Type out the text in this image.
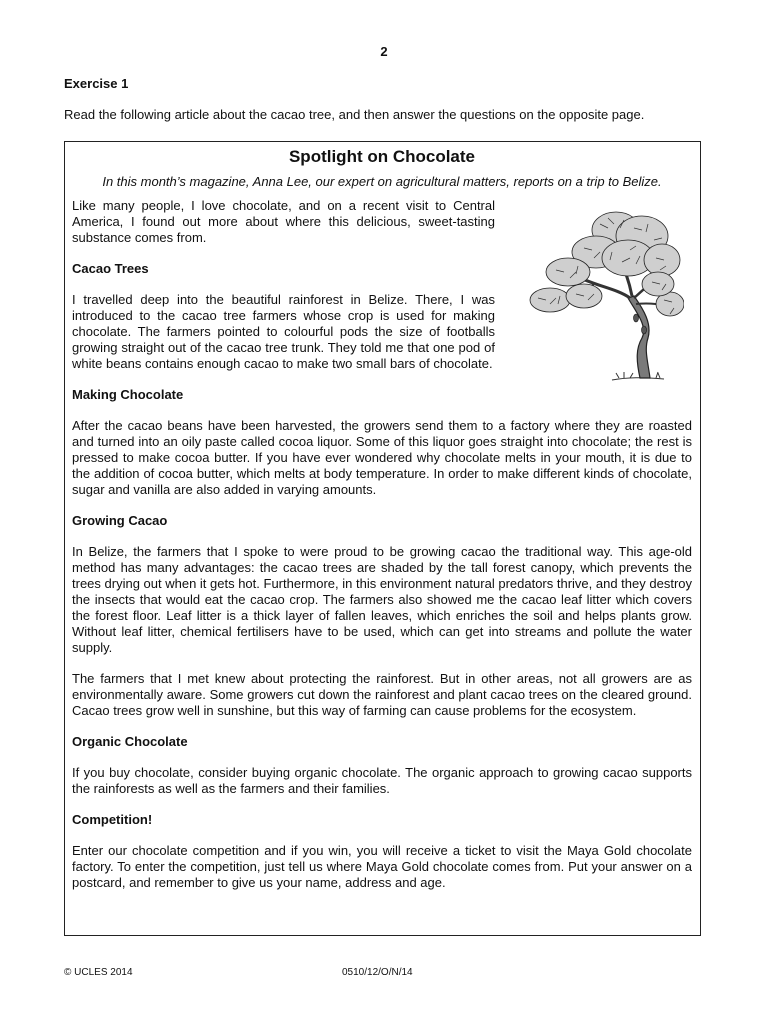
2
Exercise 1
Read the following article about the cacao tree, and then answer the questions on the opposite page.
Spotlight on Chocolate
In this month’s magazine, Anna Lee, our expert on agricultural matters, reports on a trip to Belize.

Like many people, I love chocolate, and on a recent visit to Central America, I found out more about where this delicious, sweet-tasting substance comes from.

Cacao Trees

I travelled deep into the beautiful rainforest in Belize. There, I was introduced to the cacao tree farmers whose crop is used for making chocolate. The farmers pointed to colourful pods the size of footballs growing straight out of the cacao tree trunk. They told me that one pod of white beans contains enough cacao to make two small bars of chocolate.

Making Chocolate

After the cacao beans have been harvested, the growers send them to a factory where they are roasted and turned into an oily paste called cocoa liquor. Some of this liquor goes straight into chocolate; the rest is pressed to make cocoa butter. If you have ever wondered why chocolate melts in your mouth, it is due to the addition of cocoa butter, which melts at body temperature. In order to make different kinds of chocolate, sugar and vanilla are also added in varying amounts.

Growing Cacao

In Belize, the farmers that I spoke to were proud to be growing cacao the traditional way. This age-old method has many advantages: the cacao trees are shaded by the tall forest canopy, which prevents the trees drying out when it gets hot. Furthermore, in this environment natural predators thrive, and they destroy the insects that would eat the cacao crop. The farmers also showed me the cacao leaf litter which covers the forest floor. Leaf litter is a thick layer of fallen leaves, which enriches the soil and helps plants grow. Without leaf litter, chemical fertilisers have to be used, which can get into streams and pollute the water supply.

The farmers that I met knew about protecting the rainforest. But in other areas, not all growers are as environmentally aware. Some growers cut down the rainforest and plant cacao trees on the cleared ground. Cacao trees grow well in sunshine, but this way of farming can cause problems for the ecosystem.

Organic Chocolate

If you buy chocolate, consider buying organic chocolate. The organic approach to growing cacao supports the rainforests as well as the farmers and their families.

Competition!

Enter our chocolate competition and if you win, you will receive a ticket to visit the Maya Gold chocolate factory. To enter the competition, just tell us where Maya Gold chocolate comes from. Put your answer on a postcard, and remember to give us your name, address and age.

© UCLES 2014	0510/12/O/N/14
